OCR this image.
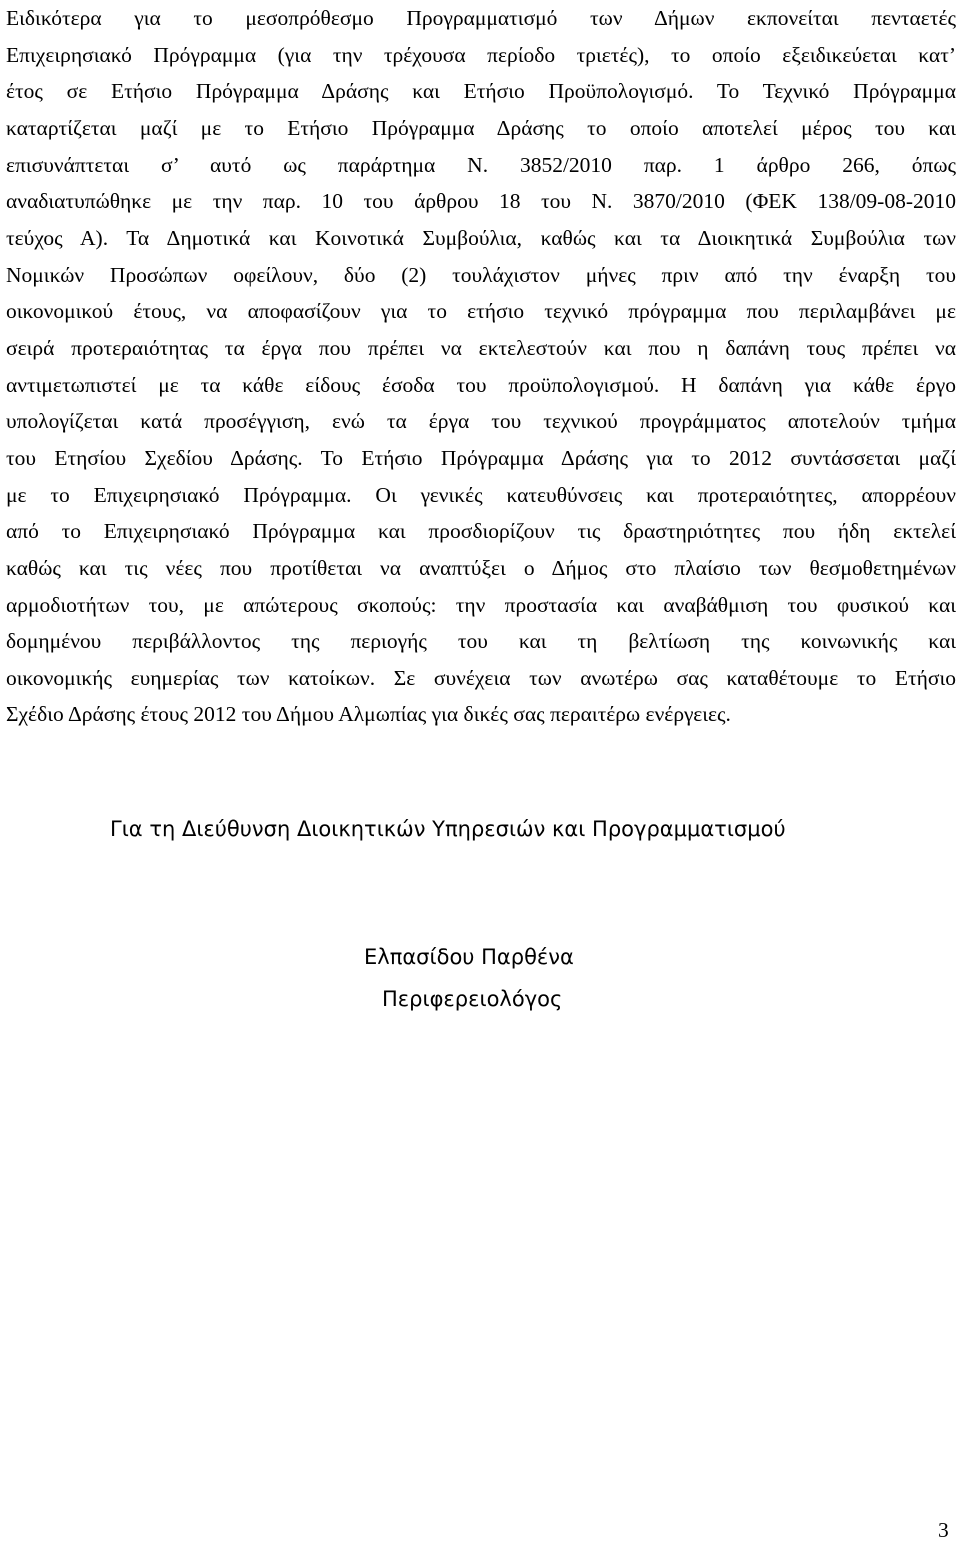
Ειδικότερα για το μεσοπρόθεσμο Προγραμματισμό των Δήμων εκπονείται πενταετές
Επιχειρησιακό Πρόγραμμα (για την τρέχουσα περίοδο τριετές), το οποίο εξειδικεύεται κατ’
έτος σε Ετήσιο Πρόγραμμα Δράσης και Ετήσιο Προϋπολογισμό. Το Τεχνικό Πρόγραμμα
καταρτίζεται μαζί με το Ετήσιο Πρόγραμμα Δράσης το οποίο αποτελεί μέρος του και
επισυνάπτεται σ’ αυτό ως παράρτημα Ν. 3852/2010 παρ. 1 άρθρο 266, όπως
αναδιατυπώθηκε με την παρ. 10 του άρθρου 18 του Ν. 3870/2010 (ΦΕΚ 138/09-08-2010
τεύχος Α). Τα Δημοτικά και Κοινοτικά Συμβούλια, καθώς και τα Διοικητικά Συμβούλια των
Νομικών Προσώπων οφείλουν, δύο (2) τουλάχιστον μήνες πριν από την έναρξη του
οικονομικού έτους, να αποφασίζουν για το ετήσιο τεχνικό πρόγραμμα που περιλαμβάνει με
σειρά προτεραιότητας τα έργα που πρέπει να εκτελεστούν και που η δαπάνη τους πρέπει να
αντιμετωπιστεί με τα κάθε είδους έσοδα του προϋπολογισμού. Η δαπάνη για κάθε έργο
υπολογίζεται κατά προσέγγιση, ενώ τα έργα του τεχνικού προγράμματος αποτελούν τμήμα
του Ετησίου Σχεδίου Δράσης. Το Ετήσιο Πρόγραμμα Δράσης για το 2012 συντάσσεται μαζί
με το Επιχειρησιακό Πρόγραμμα. Οι γενικές κατευθύνσεις και προτεραιότητες, απορρέουν
από το Επιχειρησιακό Πρόγραμμα και προσδιορίζουν τις δραστηριότητες που ήδη εκτελεί
καθώς και τις νέες που προτίθεται να αναπτύξει ο Δήμος στο πλαίσιο των θεσμοθετημένων
αρμοδιοτήτων του, με απώτερους σκοπούς: την προστασία και αναβάθμιση του φυσικού και
δομημένου περιβάλλοντος της περιογής του και τη βελτίωση της κοινωνικής και
οικονομικής ευημερίας των κατοίκων. Σε συνέχεια των ανωτέρω σας καταθέτουμε το Ετήσιο
Σχέδιο Δράσης έτους 2012 του Δήμου Αλμωπίας για δικές σας περαιτέρω ενέργειες.

Για τη Διεύθυνση Διοικητικών Υπηρεσιών και Προγραμματισμού

Ελπασίδου Παρθένα

Περιφερειολόγος

3
